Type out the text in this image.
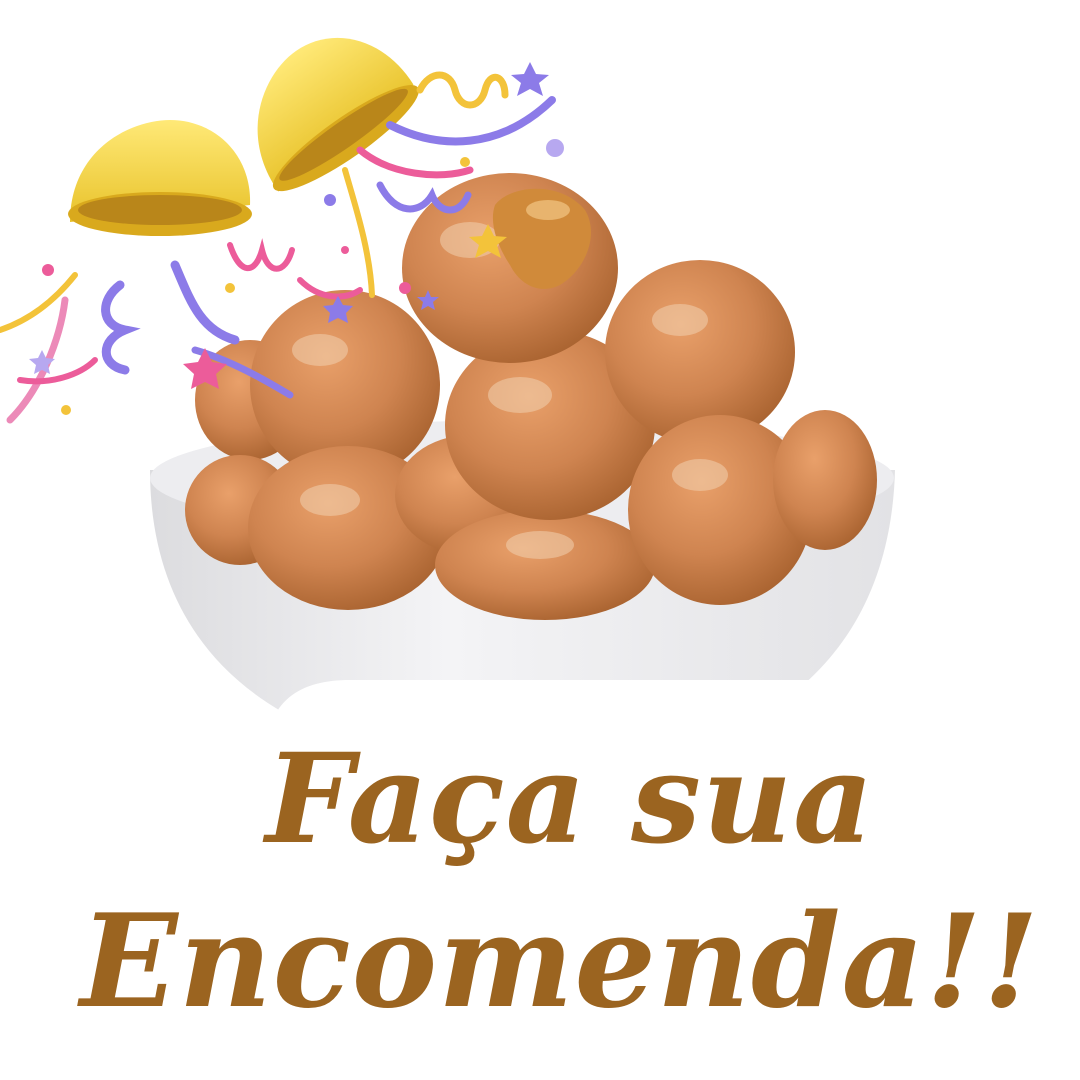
Faça sua
Encomenda!!
